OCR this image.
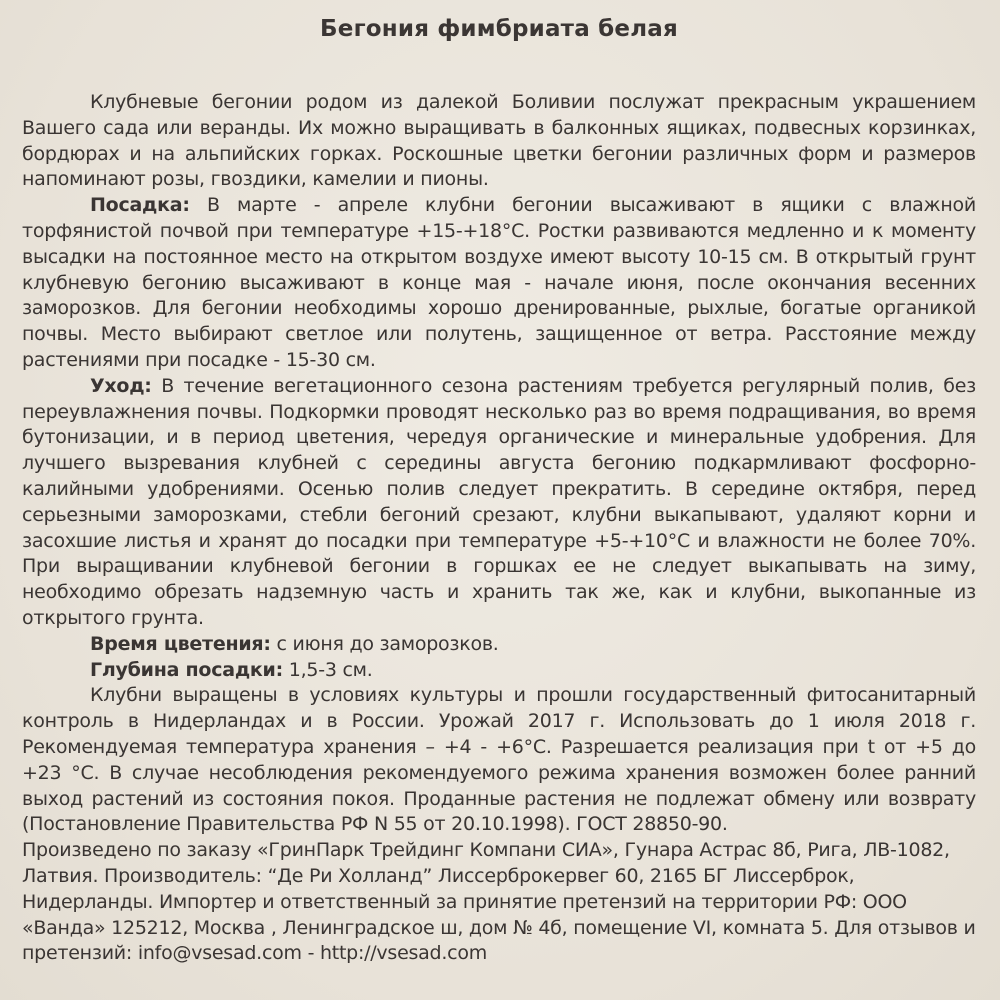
Бегония фимбриата белая

Клубневые бегонии родом из далекой Боливии послужат прекрасным украшением Вашего сада или веранды. Их можно выращивать в балконных ящиках, подвесных корзинках, бордюрах и на альпийских горках. Роскошные цветки бегонии различных форм и размеров напоминают розы, гвоздики, камелии и пионы.

Посадка: В марте - апреле клубни бегонии высаживают в ящики с влажной торфянистой почвой при температуре +15-+18°С. Ростки развиваются медленно и к моменту высадки на постоянное место на открытом воздухе имеют высоту 10-15 см. В открытый грунт клубневую бегонию высаживают в конце мая - начале июня, после окончания весенних заморозков. Для бегонии необходимы хорошо дренированные, рыхлые, богатые органикой почвы. Место выбирают светлое или полутень, защищенное от ветра. Расстояние между растениями при посадке - 15-30 см.

Уход: В течение вегетационного сезона растениям требуется регулярный полив, без переувлажнения почвы. Подкормки проводят несколько раз во время подращивания, во время бутонизации, и в период цветения, чередуя органические и минеральные удобрения. Для лучшего вызревания клубней с середины августа бегонию подкармливают фосфорно-калийными удобрениями. Осенью полив следует прекратить. В середине октября, перед серьезными заморозками, стебли бегоний срезают, клубни выкапывают, удаляют корни и засохшие листья и хранят до посадки при температуре +5-+10°С и влажности не более 70%. При выращивании клубневой бегонии в горшках ее не следует выкапывать на зиму, необходимо обрезать надземную часть и хранить так же, как и клубни, выкопанные из открытого грунта.

Время цветения: с июня до заморозков.

Глубина посадки: 1,5-3 см.

Клубни выращены в условиях культуры и прошли государственный фитосанитарный контроль в Нидерландах и в России. Урожай 2017 г. Использовать до 1 июля 2018 г. Рекомендуемая температура хранения – +4 - +6°С. Разрешается реализация при t от +5 до +23 °С. В случае несоблюдения рекомендуемого режима хранения возможен более ранний выход растений из состояния покоя. Проданные растения не подлежат обмену или возврату (Постановление Правительства РФ N 55 от 20.10.1998). ГОСТ 28850-90.

Произведено по заказу «ГринПарк Трейдинг Компани СИА», Гунара Астрас 8б, Рига, ЛВ-1082, Латвия. Производитель: “Де Ри Холланд” Лиссерброкервег 60, 2165 БГ Лиссерброк, Нидерланды. Импортер и ответственный за принятие претензий на территории РФ: ООО «Ванда» 125212, Москва , Ленинградское ш, дом № 4б, помещение VI, комната 5. Для отзывов и претензий: info@vsesad.com - http://vsesad.com
